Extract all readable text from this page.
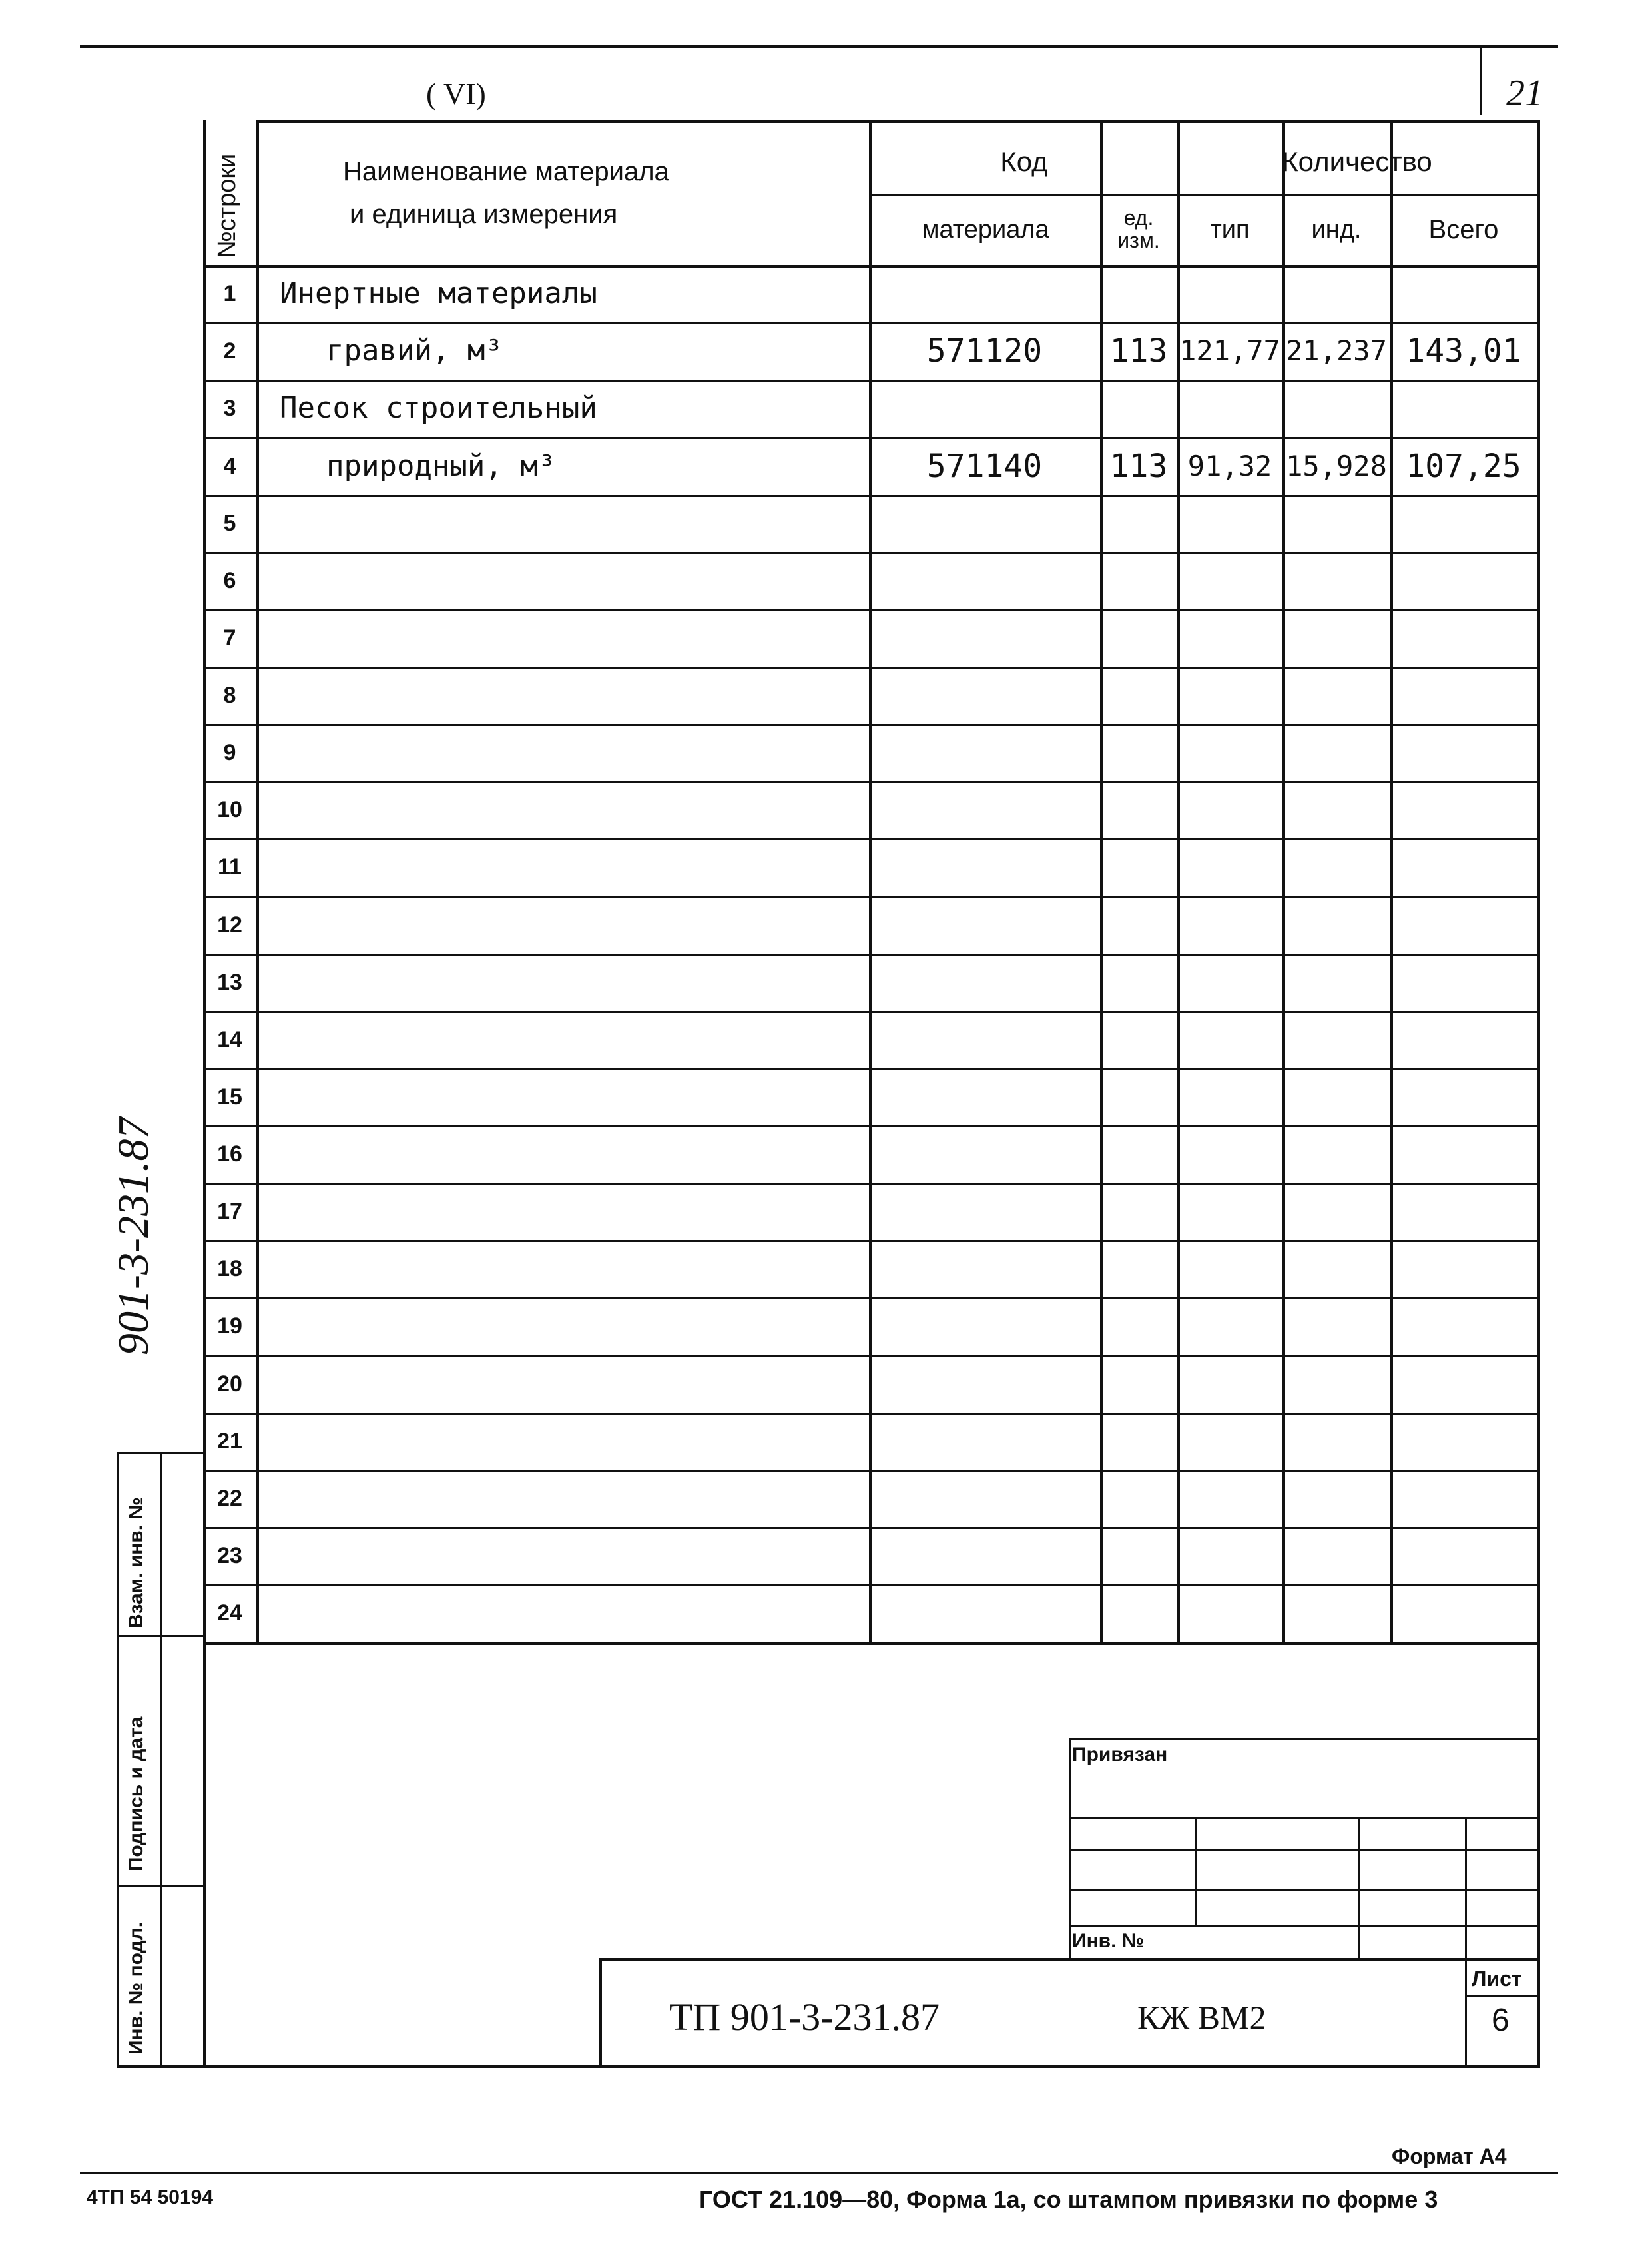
( VI)	21
№строки	Наименование материала
и единица измерения
Код
материала	ед. изм.
Количество
тип	инд.	Всего
1	Инертные материалы
2	гравий, м³	571120	113 121,77 21,237 143,01
3	Песок строительный
4	природный, м³	571140	113 91,32 15,928 107,25
5
6
7
8
9
10
11
12
13
14
15
16
17
18
19
20
21
22
23
24
901-3-231.87
Взам. инв. №
Подпись и дата
Инв. № подл.
Привязан
Инв. №
ТП 901-3-231.87	КЖ ВМ2
Лист
6
Формат А4
4ТП 54 50194	ГОСТ 21.109—80, Форма 1а, со штампом привязки по форме 3
